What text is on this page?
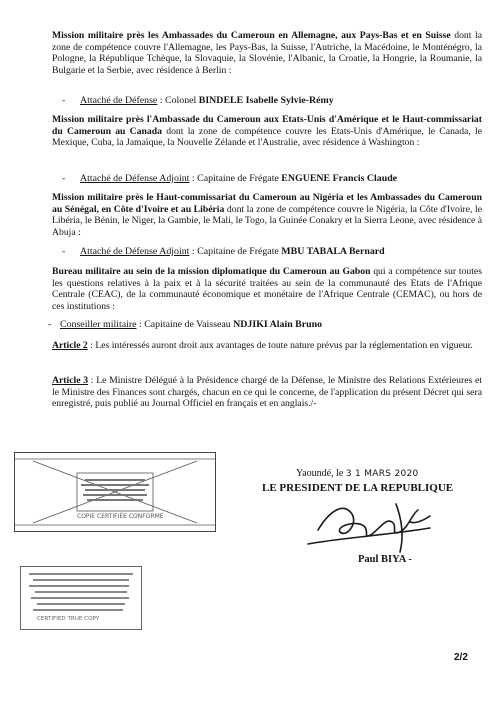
Mission militaire près les Ambassades du Cameroun en Allemagne, aux Pays-Bas et en Suisse dont la zone de compétence couvre l'Allemagne, les Pays-Bas, la Suisse, l'Autriche, la Macédoine, le Monténégro, la Pologne, la République Tchèque, la Slovaquie, la Slovénie, l'Albanic, la Croatie, la Hongrie, la Roumanie, la Bulgarie et la Serbie, avec résidence à Berlin :

- Attaché de Défense : Colonel BINDELE Isabelle Sylvie-Rémy

Mission militaire près l'Ambassade du Cameroun aux Etats-Unis d'Amérique et le Haut-commissariat du Cameroun au Canada dont la zone de compétence couvre les Etats-Unis d'Amérique, le Canada, le Mexique, Cuba, la Jamaïque, la Nouvelle Zélande et l'Australie, avec résidence à Washington :

- Attaché de Défense Adjoint : Capitaine de Frégate ENGUENE Francis Claude

Mission militaire près le Haut-commissariat du Cameroun au Nigéria et les Ambassades du Cameroun au Sénégal, en Côte d'Ivoire et au Libéria dont la zone de compétence couvre le Nigéria, la Côte d'Ivoire, le Libéria, le Bénin, le Niger, la Gambie, le Mali, le Togo, la Guinée Conakry et la Sierra Leone, avec résidence à Abuja :

- Attaché de Défense Adjoint : Capitaine de Frégate MBU TABALA Bernard

Bureau militaire au sein de la mission diplomatique du Cameroun au Gabon qui a compétence sur toutes les questions relatives à la paix et à la sécurité traitées au sein de la communauté des Etats de l'Afrique Centrale (CEAC), de la communauté économique et monétaire de l'Afrique Centrale (CEMAC), ou hors de ces institutions :

- Conseiller militaire : Capitaine de Vaisseau NDJIKI Alain Bruno

Article 2 : Les intéressés auront droit aux avantages de toute nature prévus par la réglementation en vigueur.

Article 3 : Le Ministre Délégué à la Présidence chargé de la Défense, le Ministre des Relations Extérieures et le Ministre des Finances sont chargés, chacun en ce qui le concerne, de l'application du présent Décret qui sera enregistré, puis publié au Journal Officiel en français et en anglais./-

COPIE CERTIFIÉE CONFORME
CERTIFIED TRUE COPY
Yaoundé, le 3 1 MARS 2020
LE PRESIDENT DE LA REPUBLIQUE
Paul BIYA -
2/2
